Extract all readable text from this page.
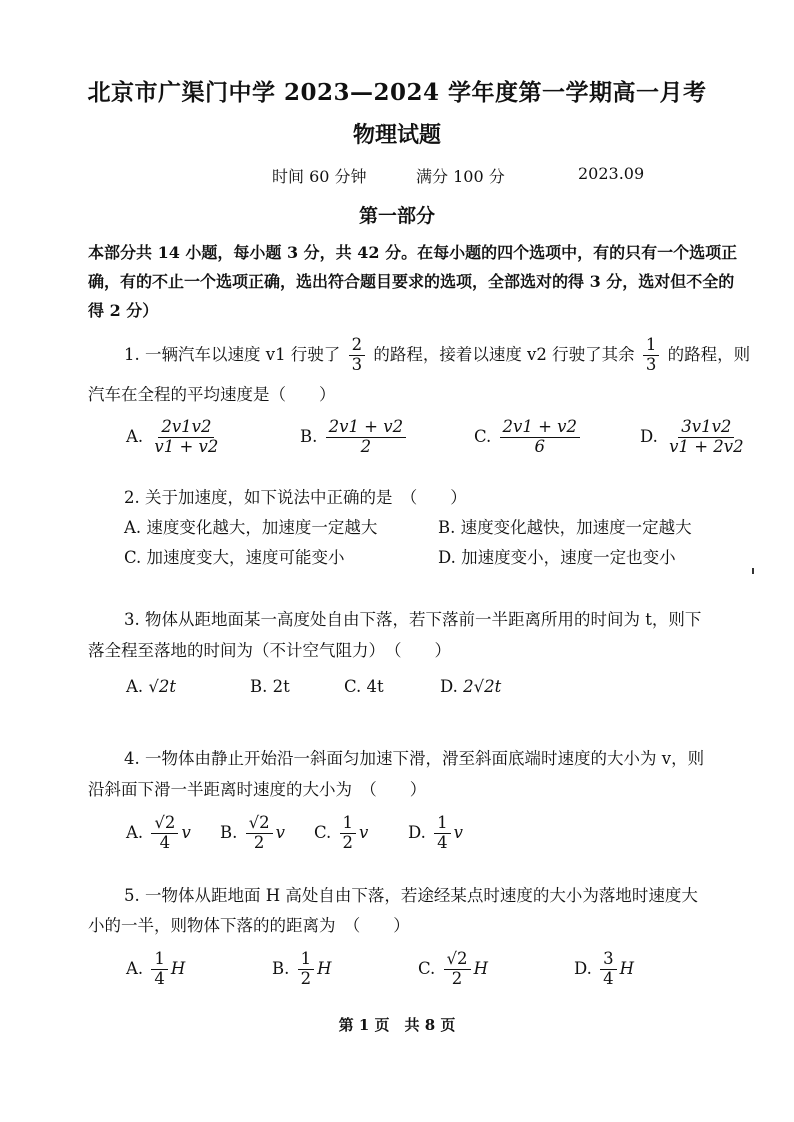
北京市广渠门中学 2023—2024 学年度第一学期高一月考
物理试题
时间 60 分钟	满分 100 分	2023.09
第一部分
本部分共 14 小题，每小题 3 分，共 42 分。在每小题的四个选项中，有的只有一个选项正确，有的不止一个选项正确，选出符合题目要求的选项，全部选对的得 3 分，选对但不全的得 2 分）
1. 一辆汽车以速度 v1 行驶了 $\frac{2}{3}$ 的路程，接着以速度 v2 行驶了其余 $\frac{1}{3}$ 的路程，则
汽车在全程的平均速度是（　　）
A. $\frac{2v1v2}{v1 + v2}$	B. $\frac{2v1 + v2}{2}$	C. $\frac{2v1 + v2}{6}$	D. $\frac{3v1v2}{v1 + 2v2}$
2. 关于加速度，如下说法中正确的是　（　　）
A. 速度变化越大，加速度一定越大	B. 速度变化越快，加速度一定越大
C. 加速度变大，速度可能变小	D. 加速度变小，速度一定也变小
3. 物体从距地面某一高度处自由下落，若下落前一半距离所用的时间为 t，则下
落全程至落地的时间为（不计空气阻力）　（　　）
A. √2t	B. 2t	C. 4t	D. 2√2t
4. 一物体由静止开始沿一斜面匀加速下滑，滑至斜面底端时速度的大小为 v，则
沿斜面下滑一半距离时速度的大小为　（　　）
A. $\frac{√2}{4}$ v B. $\frac{√2}{2}$ v C. $\frac{1}{2}$ v D. $\frac{1}{4}$ v
5. 一物体从距地面 H 高处自由下落，若途经某点时速度的大小为落地时速度大
小的一半，则物体下落的的距离为　（　　）
A. $\frac{1}{4}$ H	B. $\frac{1}{2}$ H	C. $\frac{√2}{2}$ H	D. $\frac{3}{4}$ H
第 1 页　共 8 页
